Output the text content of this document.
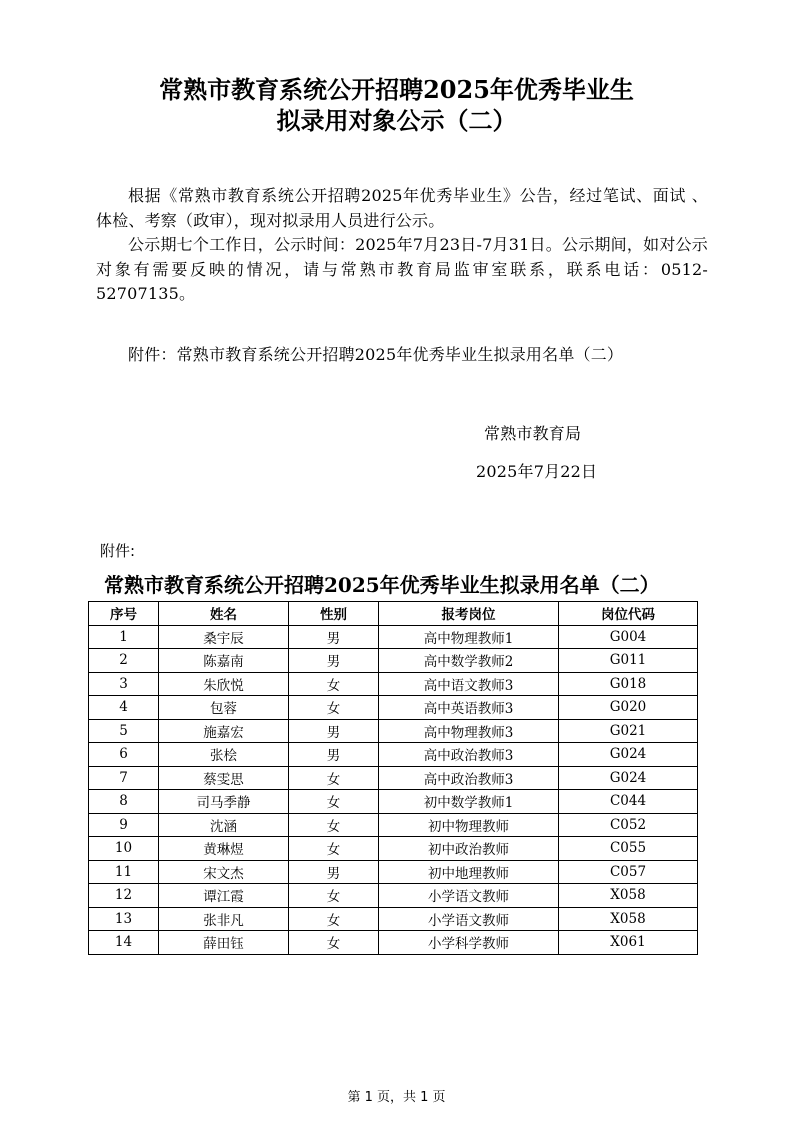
常熟市教育系统公开招聘2025年优秀毕业生
拟录用对象公示（二）

根据《常熟市教育系统公开招聘2025年优秀毕业生》公告，经过笔试、面试 、体检、考察（政审），现对拟录用人员进行公示。

公示期七个工作日，公示时间：2025年7月23日-7月31日。公示期间，如对公示对象有需要反映的情况，请与常熟市教育局监审室联系，联系电话：0512-52707135。

附件：常熟市教育系统公开招聘2025年优秀毕业生拟录用名单（二）

常熟市教育局

2025年7月22日

附件:

常熟市教育系统公开招聘2025年优秀毕业生拟录用名单（二）
序号	姓名	性别	报考岗位	岗位代码
1	桑宇辰	男	高中物理教师1	G004
2	陈嘉南	男	高中数学教师2	G011
3	朱欣悦	女	高中语文教师3	G018
4	包蓉	女	高中英语教师3	G020
5	施嘉宏	男	高中物理教师3	G021
6	张桧	男	高中政治教师3	G024
7	蔡雯思	女	高中政治教师3	G024
8	司马季静	女	初中数学教师1	C044
9	沈涵	女	初中物理教师	C052
10	黄琳煜	女	初中政治教师	C055
11	宋文杰	男	初中地理教师	C057
12	谭江霞	女	小学语文教师	X058
13	张非凡	女	小学语文教师	X058
14	薛田钰	女	小学科学教师	X061

第 1 页，共 1 页
